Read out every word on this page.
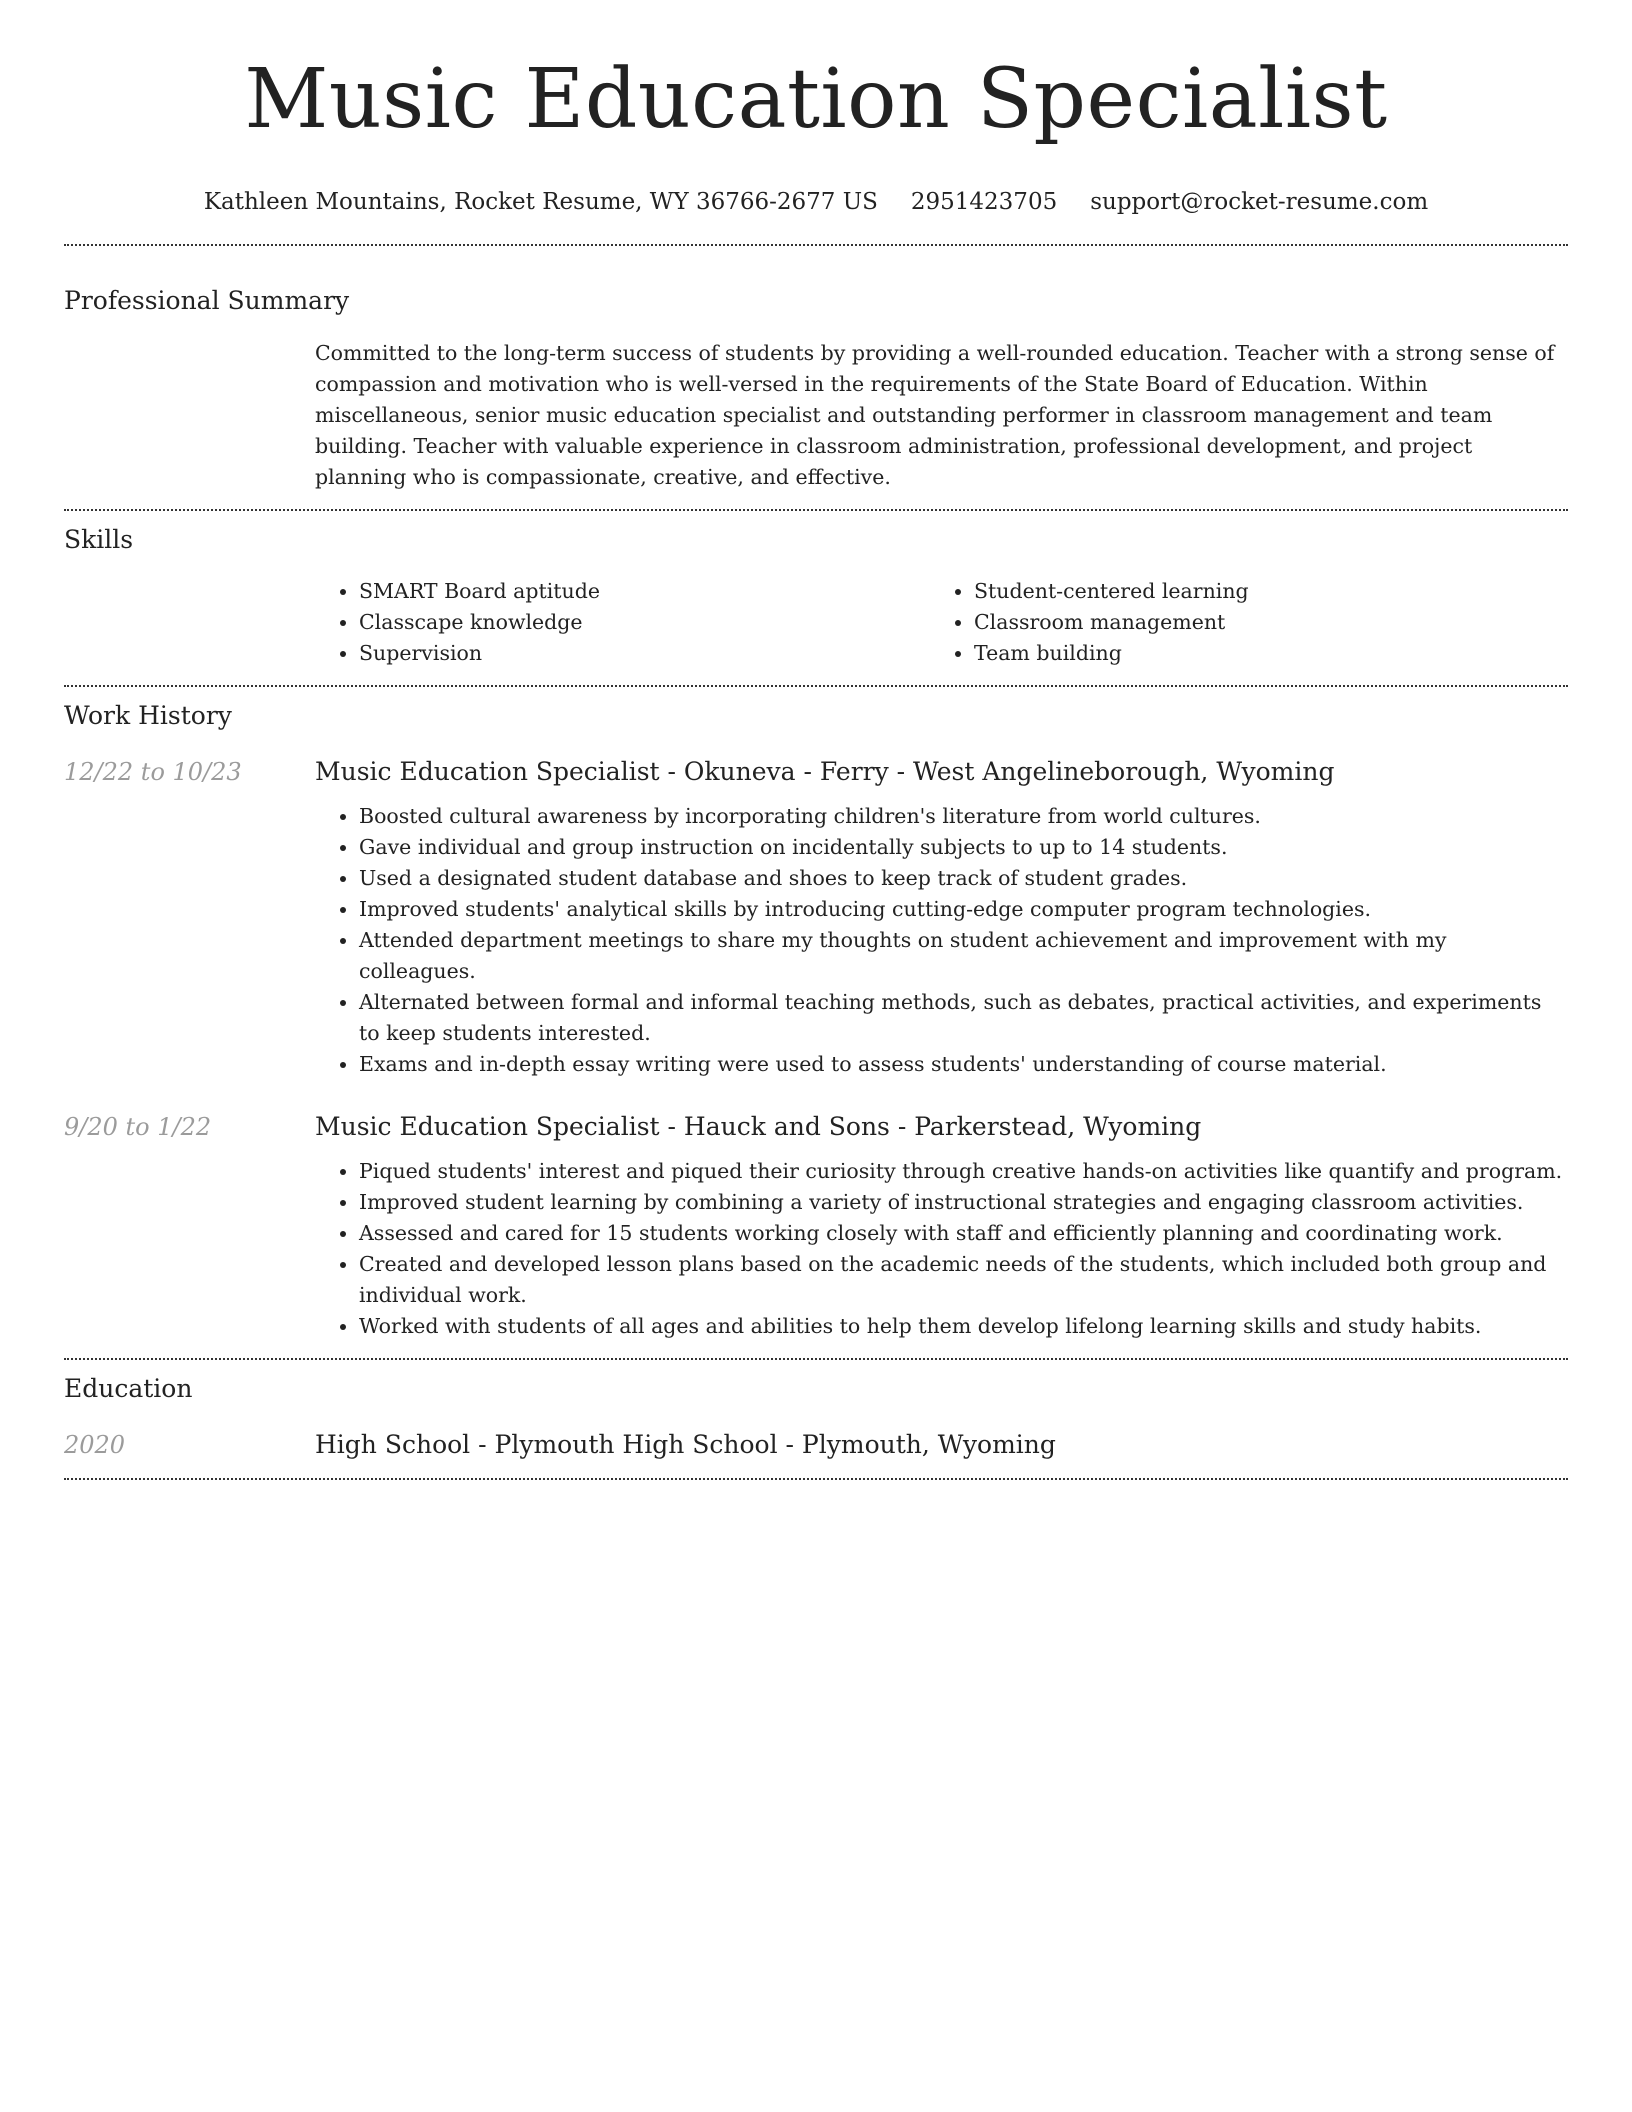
Music Education Specialist
Kathleen Mountains, Rocket Resume, WY 36766-2677 US 2951423705 support@rocket-resume.com
Professional Summary

Committed to the long-term success of students by providing a well-rounded education. Teacher with a strong sense of compassion and motivation who is well-versed in the requirements of the State Board of Education. Within miscellaneous, senior music education specialist and outstanding performer in classroom management and team building. Teacher with valuable experience in classroom administration, professional development, and project planning who is compassionate, creative, and effective.

Skills
• SMART Board aptitude
• Classcape knowledge
• Supervision
• Student-centered learning
• Classroom management
• Team building
Work History
12/22 to 10/23	Music Education Specialist - Okuneva - Ferry - West Angelineborough, Wyoming
• Boosted cultural awareness by incorporating children's literature from world cultures.
• Gave individual and group instruction on incidentally subjects to up to 14 students.
• Used a designated student database and shoes to keep track of student grades.
• Improved students' analytical skills by introducing cutting-edge computer program technologies.
• Attended department meetings to share my thoughts on student achievement and improvement with my colleagues.
• Alternated between formal and informal teaching methods, such as debates, practical activities, and experiments to keep students interested.
• Exams and in-depth essay writing were used to assess students' understanding of course material.
9/20 to 1/22	Music Education Specialist - Hauck and Sons - Parkerstead, Wyoming
• Piqued students' interest and piqued their curiosity through creative hands-on activities like quantify and program.
• Improved student learning by combining a variety of instructional strategies and engaging classroom activities.
• Assessed and cared for 15 students working closely with staff and efficiently planning and coordinating work.
• Created and developed lesson plans based on the academic needs of the students, which included both group and individual work.
• Worked with students of all ages and abilities to help them develop lifelong learning skills and study habits.
Education
2020	High School - Plymouth High School - Plymouth, Wyoming
